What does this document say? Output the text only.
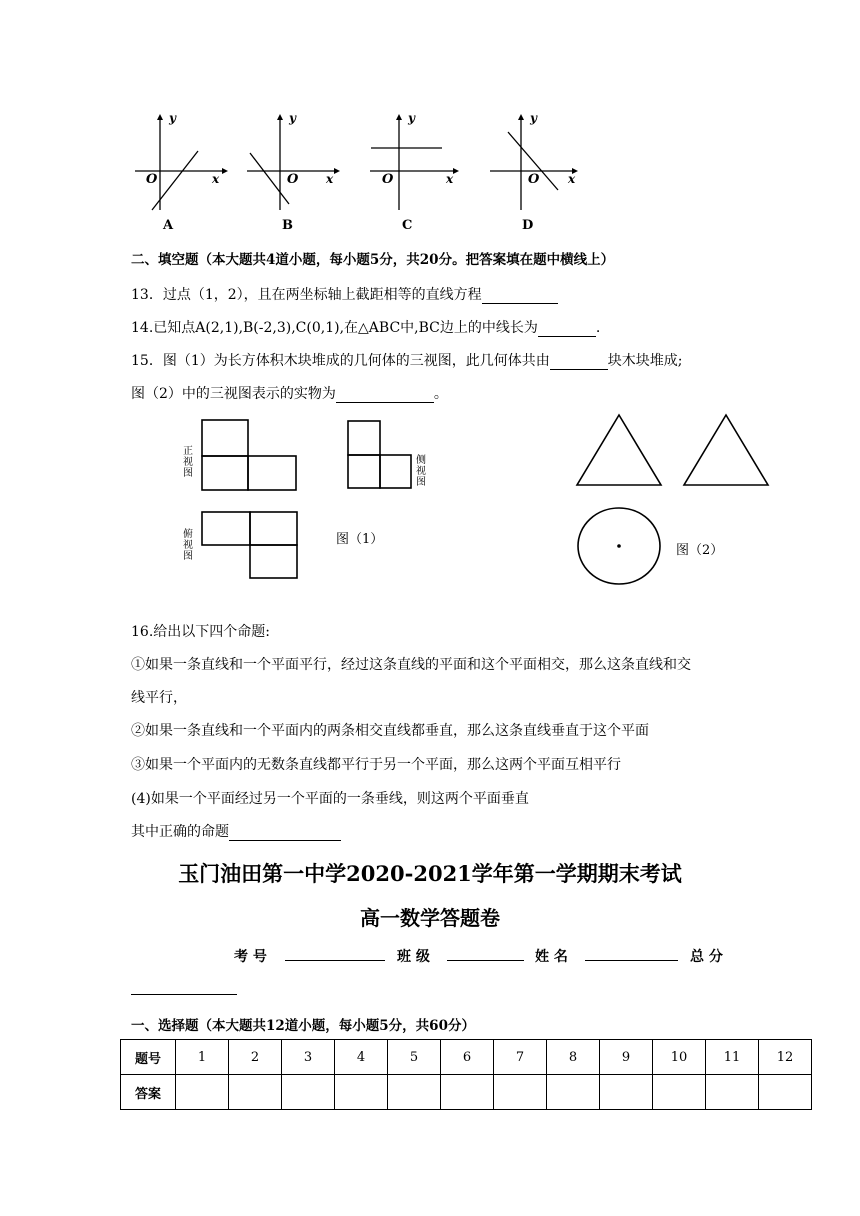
y
x
O
y
x
O
y
x
O
y
x
O
A	B	C	D
二、填空题（本大题共4道小题，每小题5分，共20分。把答案填在题中横线上）
13．过点（1，2），且在两坐标轴上截距相等的直线方程
14.已知点A(2,1),B(-2,3),C(0,1),在△ABC中,BC边上的中线长为	.
15．图（1）为长方体积木块堆成的几何体的三视图，此几何体共由	块木块堆成;
图（2）中的三视图表示的实物为	。
正
视
图
俯
视
图
侧
视
图
图（1）
图（2）
16.给出以下四个命题:
①如果一条直线和一个平面平行，经过这条直线的平面和这个平面相交，那么这条直线和交
线平行，
②如果一条直线和一个平面内的两条相交直线都垂直，那么这条直线垂直于这个平面
③如果一个平面内的无数条直线都平行于另一个平面，那么这两个平面互相平行
(4)如果一个平面经过另一个平面的一条垂线，则这两个平面垂直
其中正确的命题
玉门油田第一中学2020-2021学年第一学期期末考试
高一数学答题卷
考 号	班 级	姓 名	总 分
一、选择题（本大题共12道小题，每小题5分，共60分）
题号	1	2	3	4	5	6	7	8	9	10	11	12
答案												
